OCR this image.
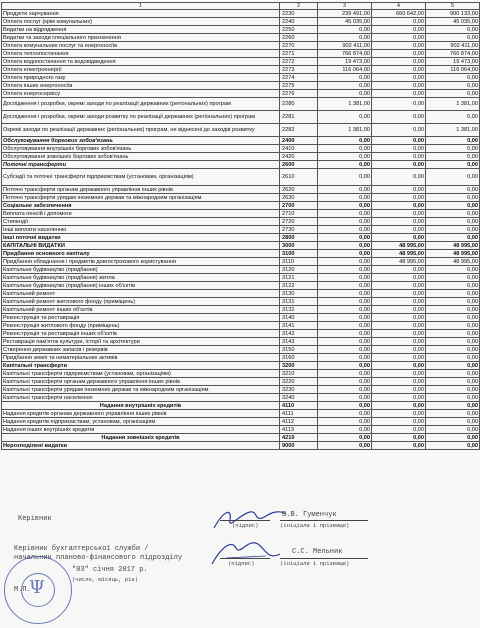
1	2	3	4	5
Продукти харчування	2230	239 491,00	660 642,00	900 133,00
Оплата послуг (крім комунальних)	2240	45 035,00	0,00	45 035,00
Видатки на відрядження	2250	0,00	0,00	0,00
Видатки та заходи спеціального призначення	2260	0,00	0,00	0,00
Оплата комунальних послуг та енергоносіїв	2270	902 411,00	0,00	902 411,00
Оплата теплопостачання	2271	766 874,00	0,00	766 874,00
Оплата водопостачання та водовідведення	2272	19 473,00	0,00	19 473,00
Оплата електроенергії	2273	116 064,00	0,00	116 064,00
Оплата природного газу	2274	0,00	0,00	0,00
Оплата інших енергоносіїв	2275	0,00	0,00	0,00
Оплата енергосервісу	2276	0,00	0,00	0,00
Дослідження і розробки, окремі заходи по реалізації державних (регіональних) програм	2280	1 381,00	0,00	1 381,00
Дослідження і розробки, окремі заходи розвитку по реалізації державних (регіональних) програм	2281	0,00	0,00	0,00
Окремі заходи по реалізації державних (регіональних) програм, не віднесені до заходів розвитку	2282	1 381,00	0,00	1 381,00
Обслуговування боргових зобов'язань	2400	0,00	0,00	0,00
Обслуговування внутрішніх боргових зобов'язань	2410	0,00	0,00	0,00
Обслуговування зовнішніх боргових зобов'язань	2420	0,00	0,00	0,00
Поточні трансферти	2600	0,00	0,00	0,00
Субсидії та поточні трансферти підприємствам (установам, організаціям)	2610	0,00	0,00	0,00
Поточні трансферти органам державного управління інших рівнів	2620	0,00	0,00	0,00
Поточні трансферти урядам іноземних держав та міжнародним організаціям	2630	0,00	0,00	0,00
Соціальне забезпечення	2700	0,00	0,00	0,00
Виплата пенсій і допомоги	2710	0,00	0,00	0,00
Стипендії	2720	0,00	0,00	0,00
Інші виплати населенню	2730	0,00	0,00	0,00
Інші поточні видатки	2800	0,00	0,00	0,00
КАПІТАЛЬНІ ВИДАТКИ	3000	0,00	48 995,00	48 995,00
Придбання основного капіталу	3100	0,00	48 995,00	48 995,00
Придбання обладнання і предметів довгострокового користування	3110	0,00	48 995,00	48 995,00
Капітальне будівництво (придбання)	3120	0,00	0,00	0,00
Капітальне будівництво (придбання) житла	3121	0,00	0,00	0,00
Капітальне будівництво (придбання) інших об'єктів	3122	0,00	0,00	0,00
Капітальний ремонт	3130	0,00	0,00	0,00
Капітальний ремонт житлового фонду (приміщень)	3131	0,00	0,00	0,00
Капітальний ремонт інших об'єктів	3132	0,00	0,00	0,00
Реконструкція та реставрація	3140	0,00	0,00	0,00
Реконструкція житлового фонду (приміщень)	3141	0,00	0,00	0,00
Реконструкція та реставрація інших об'єктів	3142	0,00	0,00	0,00
Реставрація пам'яток культури, історії та архітектури	3143	0,00	0,00	0,00
Створення державних запасів і резервів	3150	0,00	0,00	0,00
Придбання землі та нематеріальних активів	3160	0,00	0,00	0,00
Капітальні трансферти	3200	0,00	0,00	0,00
Капітальні трансферти підприємствам (установам, організаціям)	3210	0,00	0,00	0,00
Капітальні трансферти органам державного управління інших рівнів	3220	0,00	0,00	0,00
Капітальні трансферти урядам іноземних держав та міжнародним організаціям	3230	0,00	0,00	0,00
Капітальні трансферти населенню	3240	0,00	0,00	0,00
Надання внутрішніх кредитів	4110	0,00	0,00	0,00
Надання кредитів органам державного управління інших рівнів	4111	0,00	0,00	0,00
Надання кредитів підприємствам, установам, організаціям	4112	0,00	0,00	0,00
Надання інших внутрішніх кредитів	4113	0,00	0,00	0,00
Надання зовнішніх кредитів	4210	0,00	0,00	0,00
Нерозподілені видатки	9000	0,00	0,00	0,00
Керівник	В.В. Гуменчук
(підпис)	(ініціали і прізвище)
Керівник бухгалтерської служби /
начальник планово-фінансового підрозділу
С.С. Мельник
(підпис)	(ініціали і прізвище)
"03" січня 2017 р.
(число, місяць, рік)
М.П.
Ψ
